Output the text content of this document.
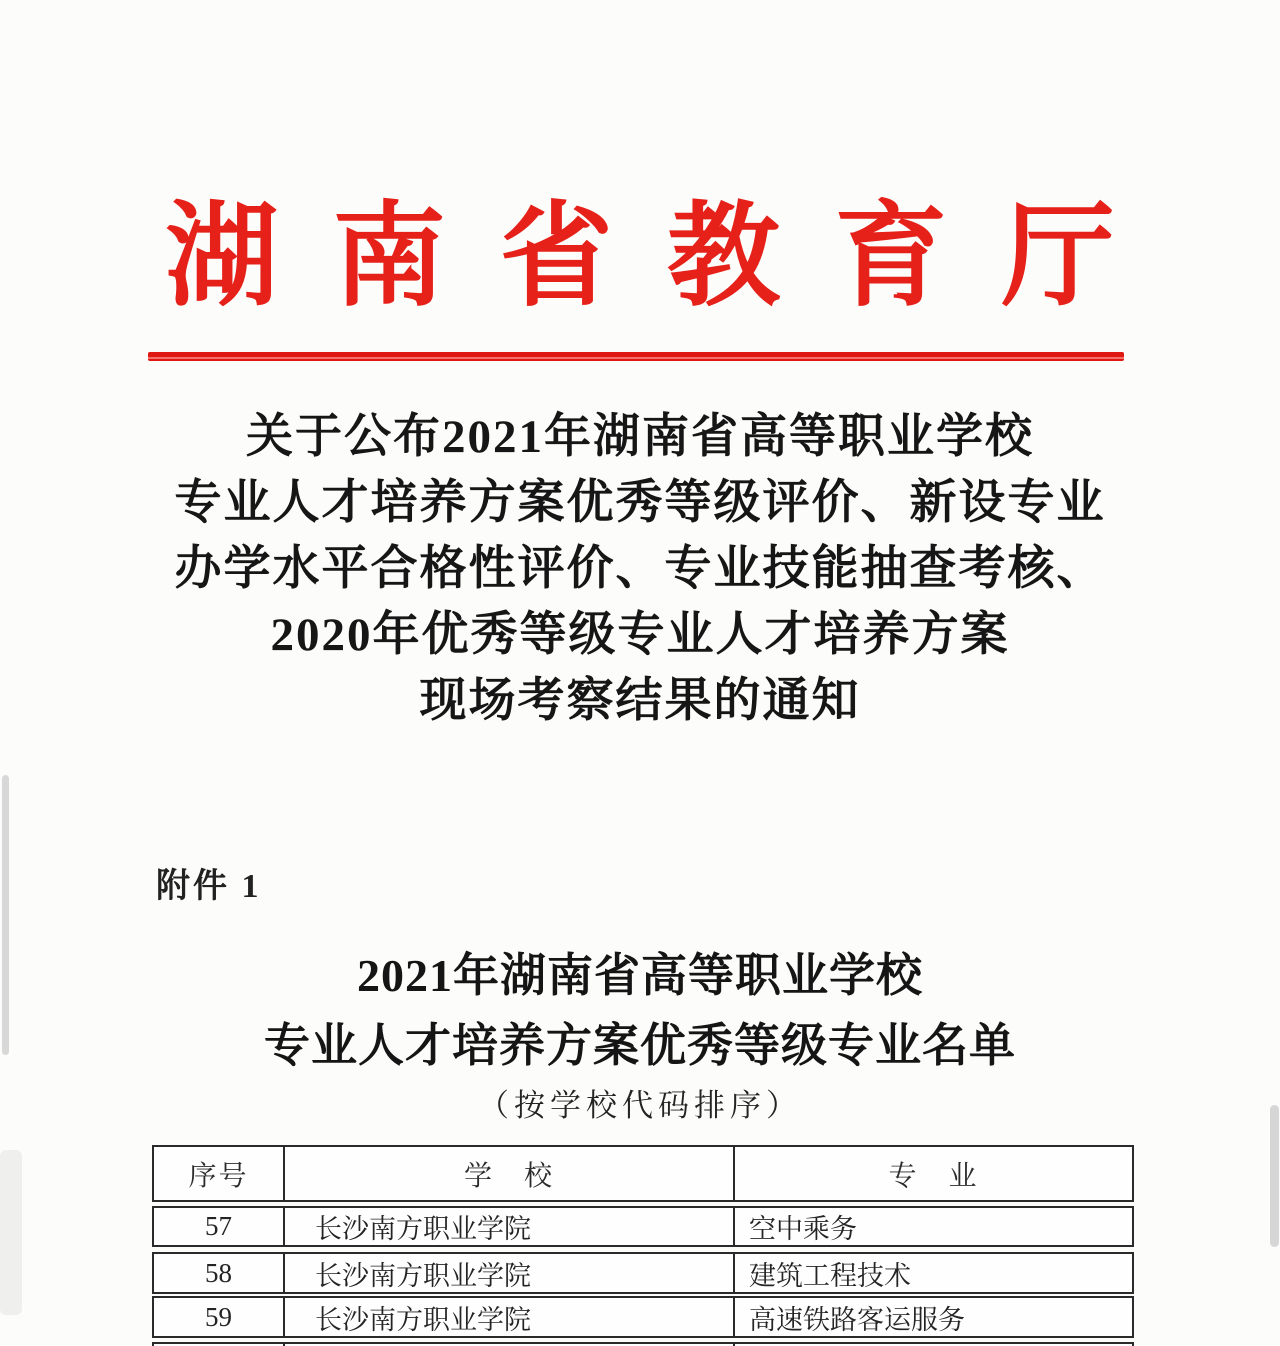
湖南省教育厅
关于公布2021年湖南省高等职业学校
专业人才培养方案优秀等级评价、新设专业
办学水平合格性评价、专业技能抽查考核、
2020年优秀等级专业人才培养方案
现场考察结果的通知
附件 1
2021年湖南省高等职业学校
专业人才培养方案优秀等级专业名单
（按学校代码排序）
序号	学　校	专　业
57	长沙南方职业学院	空中乘务
58	长沙南方职业学院	建筑工程技术
59	长沙南方职业学院	高速铁路客运服务
